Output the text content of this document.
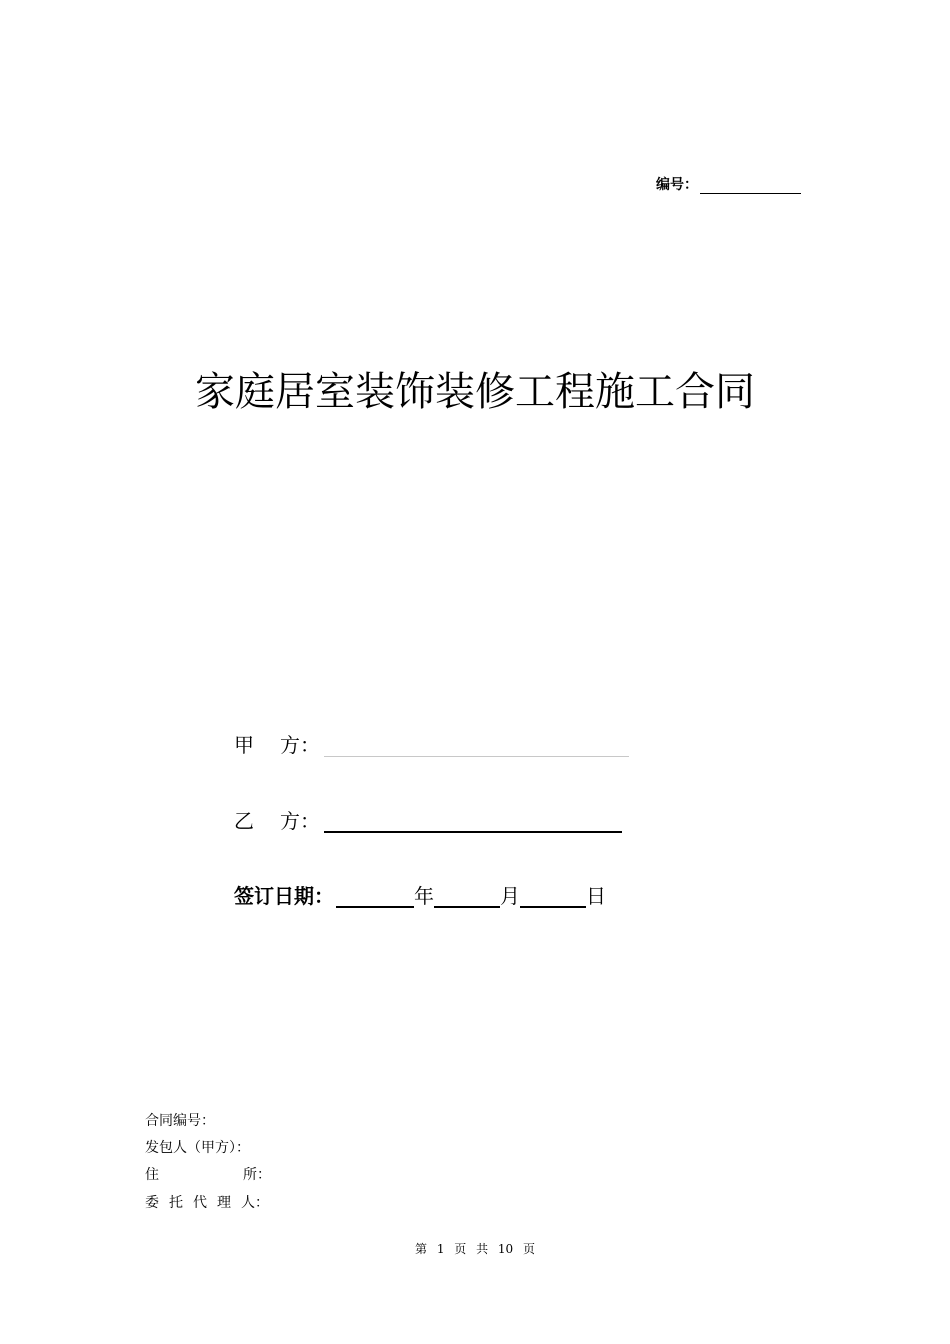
编号：
家庭居室装饰装修工程施工合同
甲 方：
乙 方：
签订日期：	年	月	日
合同编号：
发包人（甲方）：
住	所：
委 托 代 理 人：
第 1 页 共 10 页
